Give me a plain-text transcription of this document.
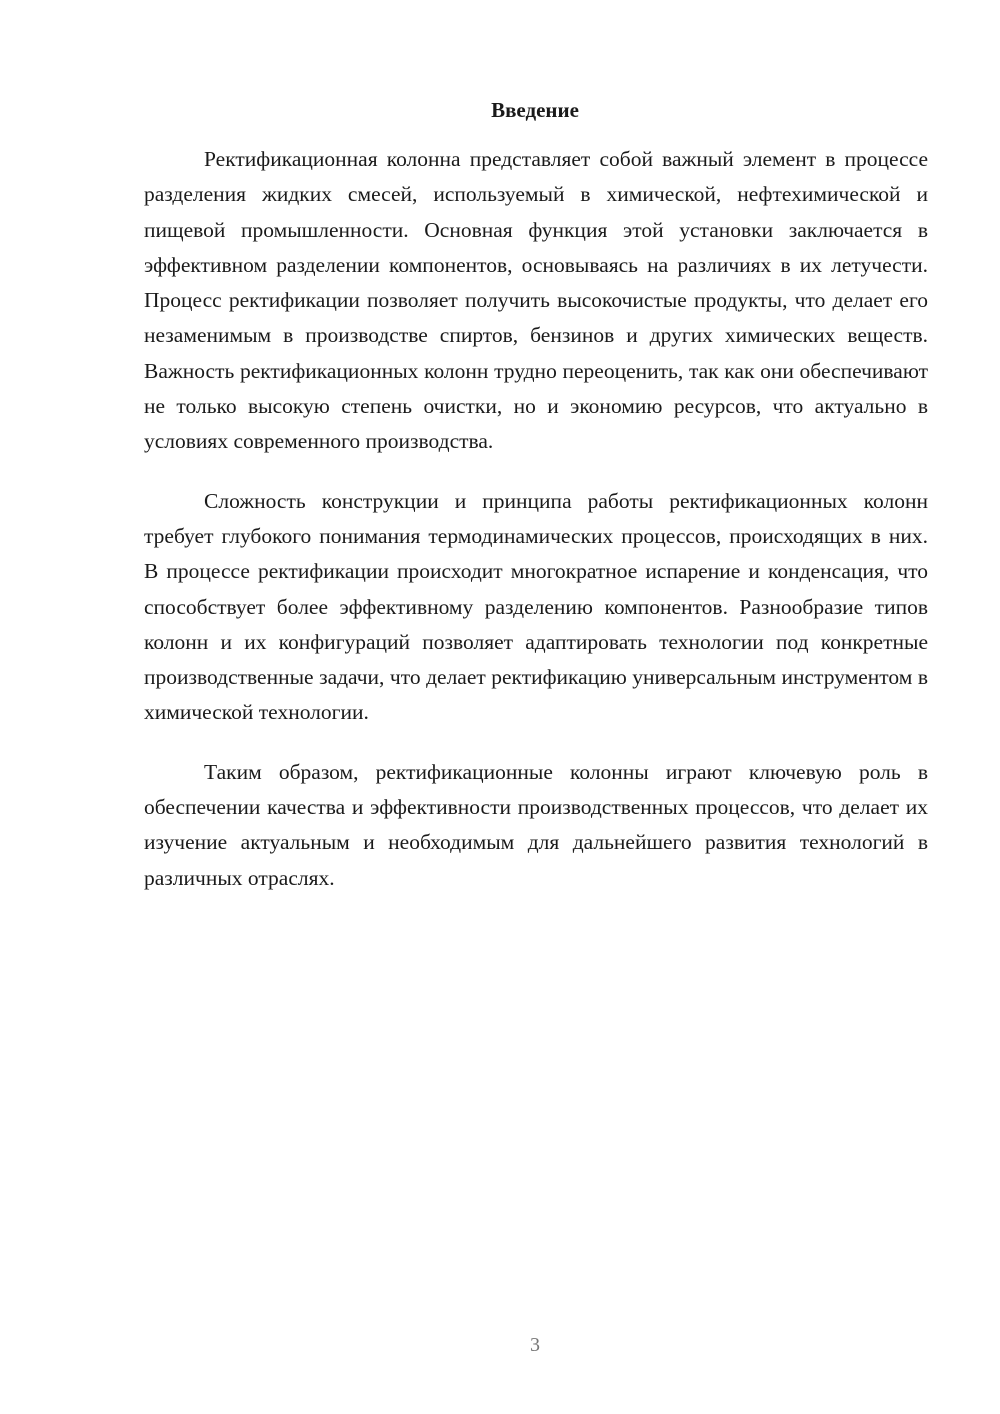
Введение

Ректификационная колонна представляет собой важный элемент в процессе разделения жидких смесей, используемый в химической, нефтехимической и пищевой промышленности. Основная функция этой установки заключается в эффективном разделении компонентов, основываясь на различиях в их летучести. Процесс ректификации позволяет получить высокочистые продукты, что делает его незаменимым в производстве спиртов, бензинов и других химических веществ. Важность ректификационных колонн трудно переоценить, так как они обеспечивают не только высокую степень очистки, но и экономию ресурсов, что актуально в условиях современного производства.

Сложность конструкции и принципа работы ректификационных колонн требует глубокого понимания термодинамических процессов, происходящих в них. В процессе ректификации происходит многократное испарение и конденсация, что способствует более эффективному разделению компонентов. Разнообразие типов колонн и их конфигураций позволяет адаптировать технологии под конкретные производственные задачи, что делает ректификацию универсальным инструментом в химической технологии.

Таким образом, ректификационные колонны играют ключевую роль в обеспечении качества и эффективности производственных процессов, что делает их изучение актуальным и необходимым для дальнейшего развития технологий в различных отраслях.

3
